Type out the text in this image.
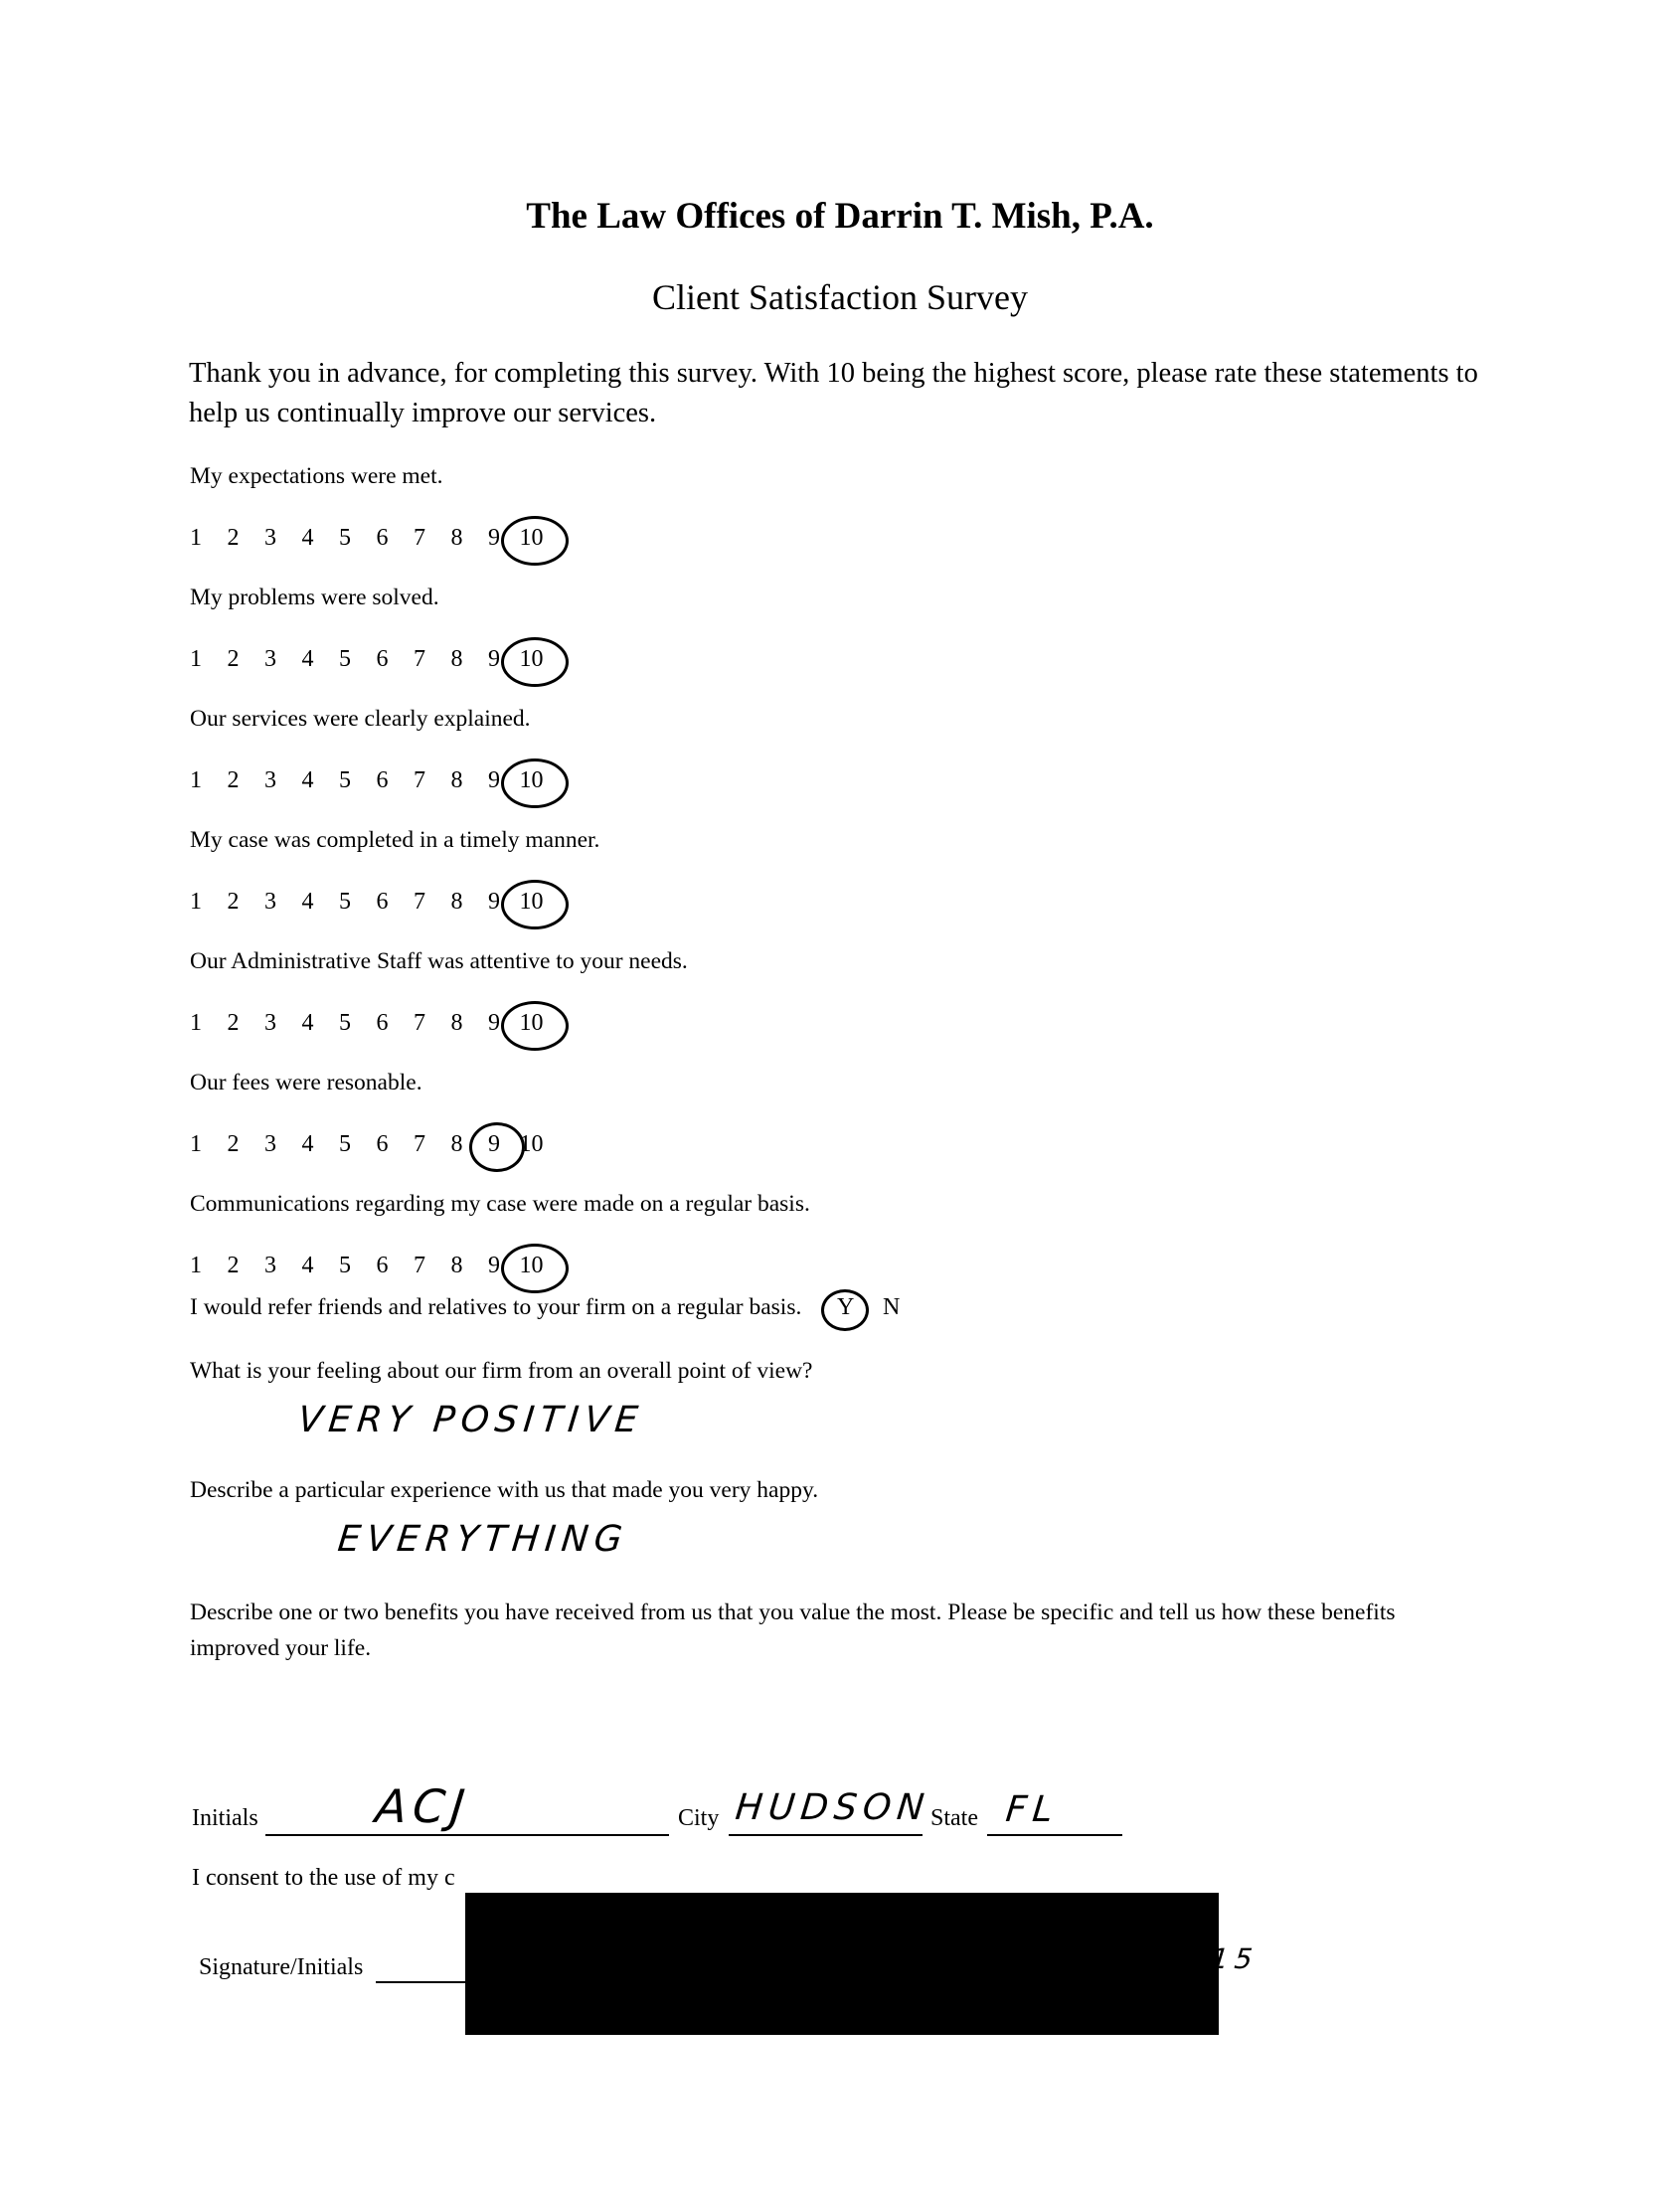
The Law Offices of Darrin T. Mish, P.A.
Client Satisfaction Survey
Thank you in advance, for completing this survey. With 10 being the highest score, please rate these statements to help us continually improve our services.
My expectations were met.
1	2	3	4	5	6	7	8	9 10
My problems were solved.
1	2	3	4	5	6	7	8	9 10
Our services were clearly explained.
1	2	3	4	5	6	7	8	9 10
My case was completed in a timely manner.
1	2	3	4	5	6	7	8	9 10
Our Administrative Staff was attentive to your needs.
1	2	3	4	5	6	7	8	9 10
Our fees were resonable.
1	2	3	4	5	6	7	8	9 10
Communications regarding my case were made on a regular basis.
1	2	3	4	5	6	7	8	9 10
I would refer friends and relatives to your firm on a regular basis. Y N
What is your feeling about our firm from an overall point of view?
VERY POSITIVE
Describe a particular experience with us that made you very happy.
EVERYTHING
Describe one or two benefits you have received from us that you value the most. Please be specific and tell us how these benefits improved your life.
Initials	ACJ	City HUDSON
State FL
I consent to the use of my c
Signature/Initials	15
